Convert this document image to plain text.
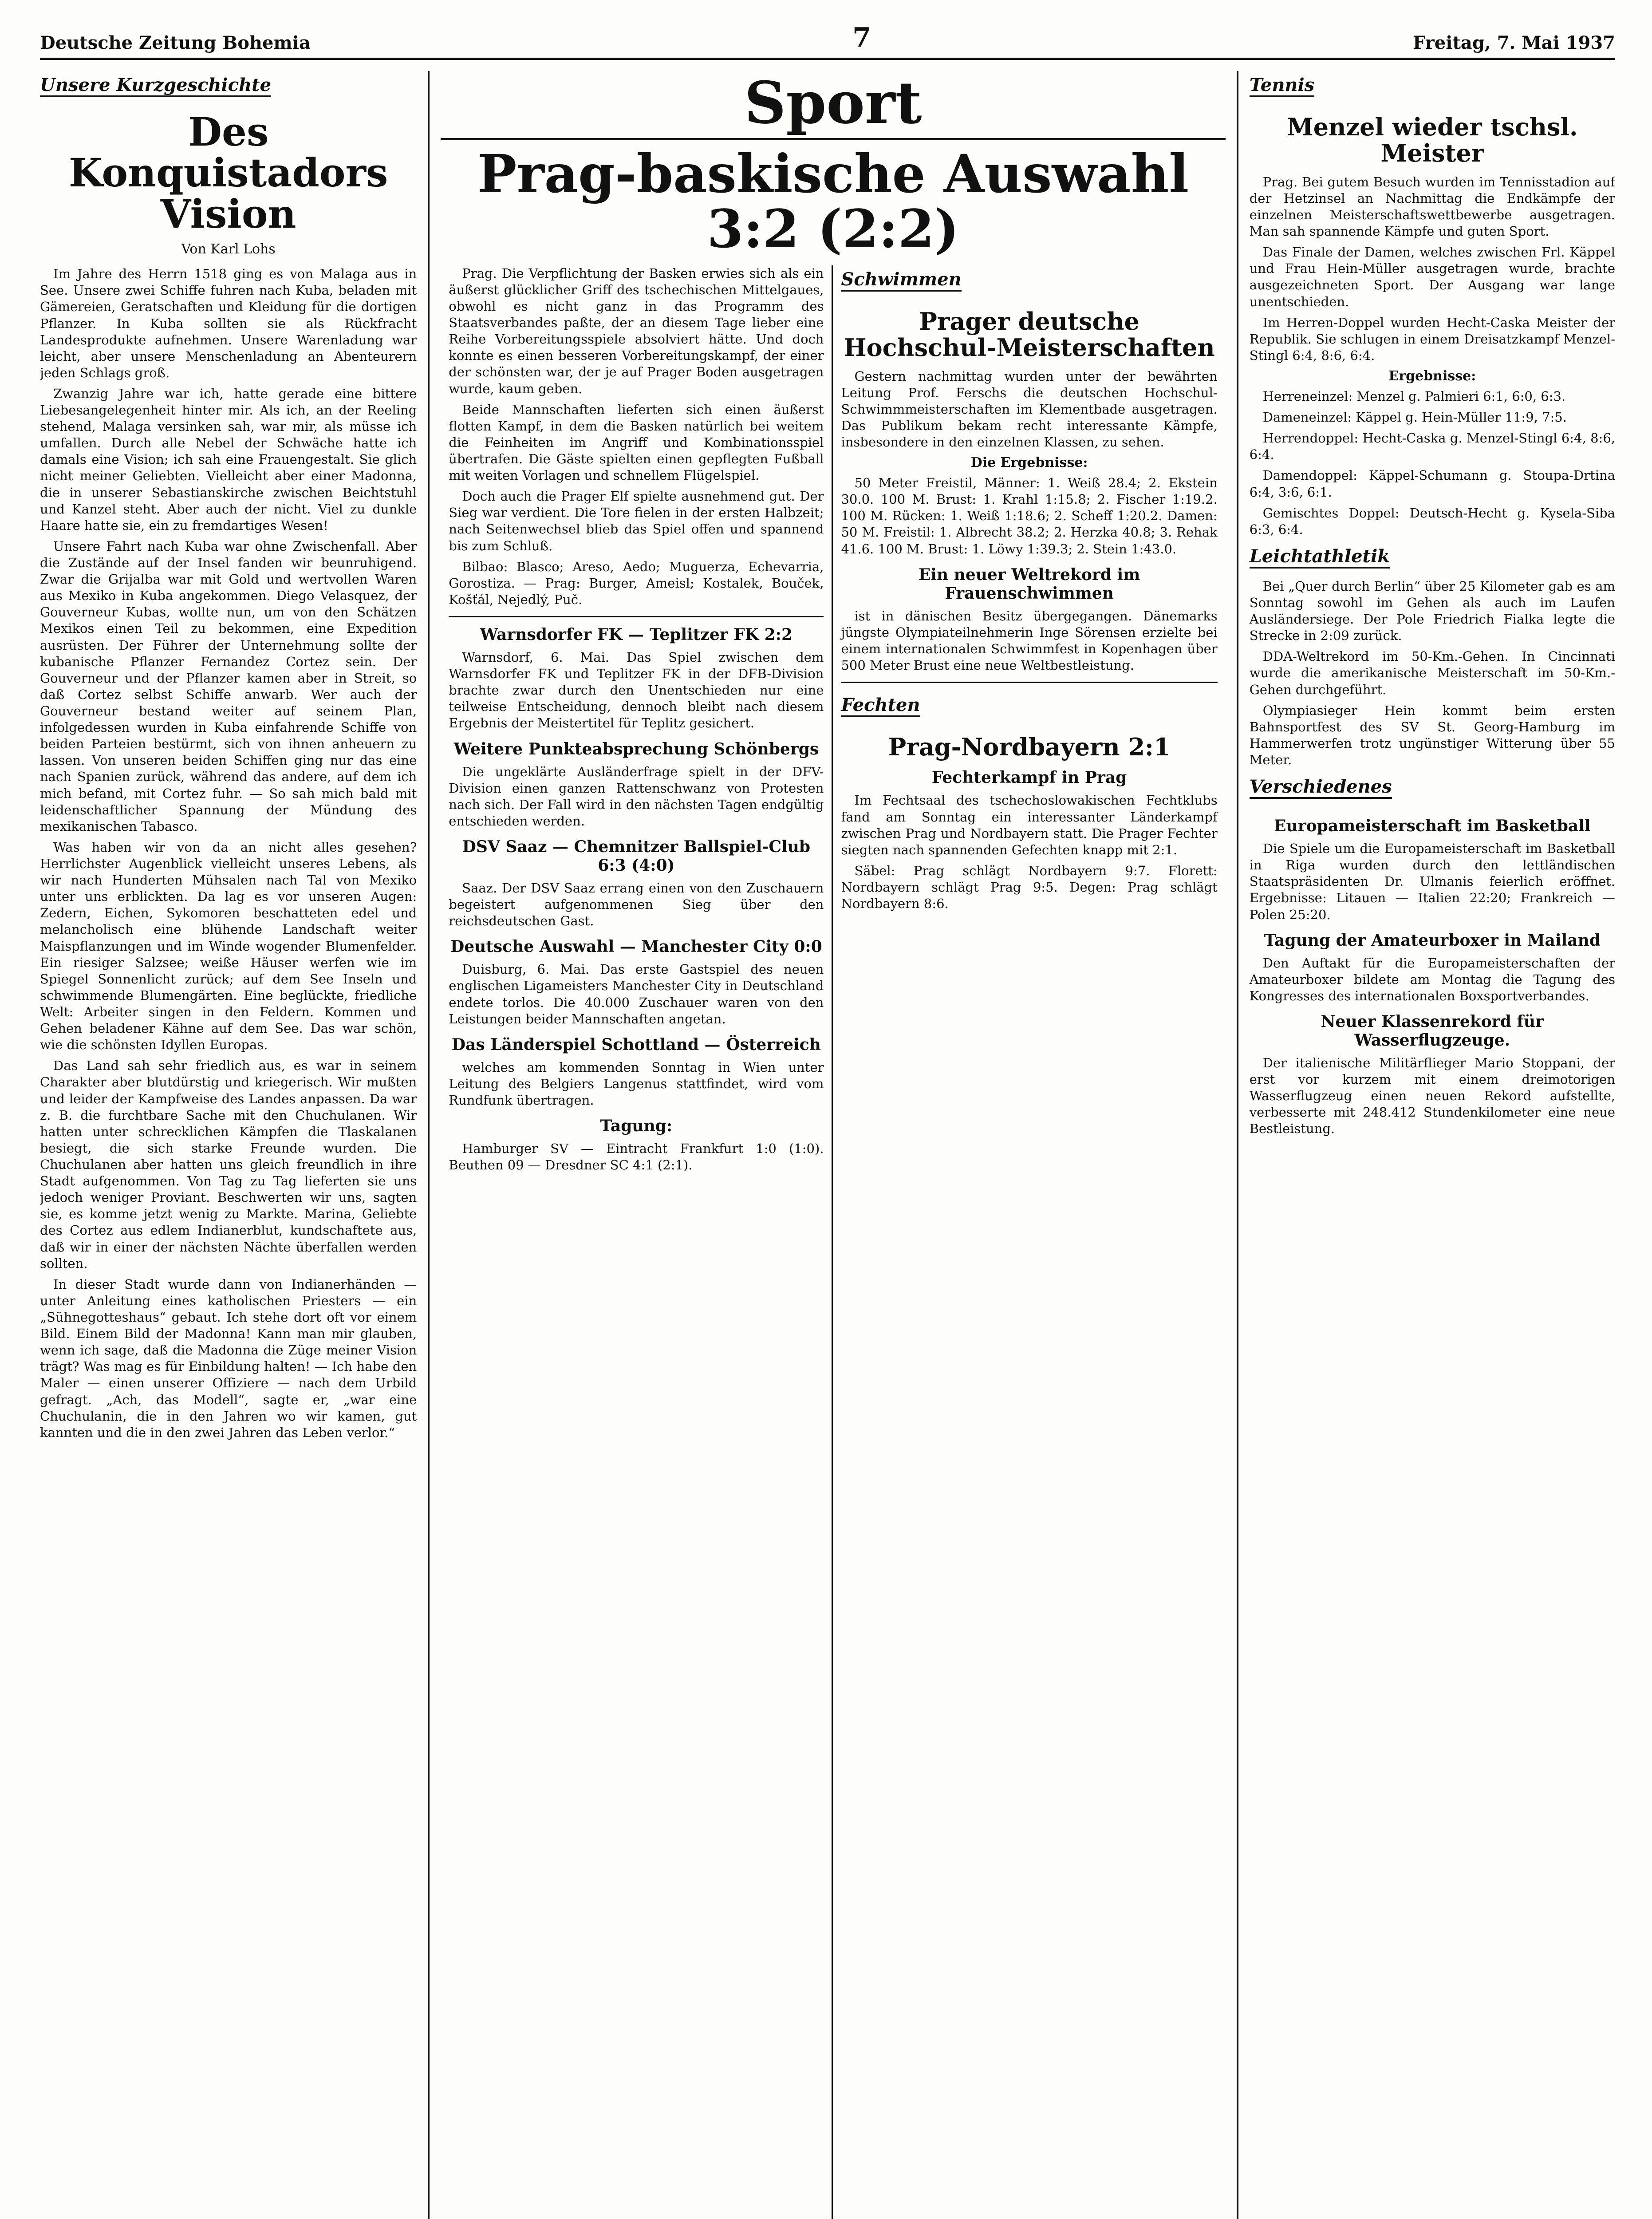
Deutsche Zeitung Bohemia	7	Freitag, 7. Mai 1937
Unsere Kurzgeschichte
Des Konquistadors Vision
Von Karl Lohs

Im Jahre des Herrn 1518 ging es von Malaga aus in See. Unsere zwei Schiffe fuhren nach Kuba, beladen mit Gämereien, Geratschaften und Kleidung für die dortigen Pflanzer. In Kuba sollten sie als Rückfracht Landesprodukte aufnehmen. Unsere Warenladung war leicht, aber unsere Menschenladung an Abenteurern jeden Schlags groß.

Zwanzig Jahre war ich, hatte gerade eine bittere Liebesangelegenheit hinter mir. Als ich, an der Reeling stehend, Malaga versinken sah, war mir, als müsse ich umfallen. Durch alle Nebel der Schwäche hatte ich damals eine Vision; ich sah eine Frauengestalt. Sie glich nicht meiner Geliebten. Vielleicht aber einer Madonna, die in unserer Sebastianskirche zwischen Beichtstuhl und Kanzel steht. Aber auch der nicht. Viel zu dunkle Haare hatte sie, ein zu fremdartiges Wesen!

Unsere Fahrt nach Kuba war ohne Zwischenfall. Aber die Zustände auf der Insel fanden wir beunruhigend. Zwar die Grijalba war mit Gold und wertvollen Waren aus Mexiko in Kuba angekommen. Diego Velasquez, der Gouverneur Kubas, wollte nun, um von den Schätzen Mexikos einen Teil zu bekommen, eine Expedition ausrüsten. Der Führer der Unternehmung sollte der kubanische Pflanzer Fernandez Cortez sein. Der Gouverneur und der Pflanzer kamen aber in Streit, so daß Cortez selbst Schiffe anwarb. Wer auch der Gouverneur bestand weiter auf seinem Plan, infolgedessen wurden in Kuba einfahrende Schiffe von beiden Parteien bestürmt, sich von ihnen anheuern zu lassen. Von unseren beiden Schiffen ging nur das eine nach Spanien zurück, während das andere, auf dem ich mich befand, mit Cortez fuhr. — So sah mich bald mit leidenschaftlicher Spannung der Mündung des mexikanischen Tabasco.

Was haben wir von da an nicht alles gesehen? Herrlichster Augenblick vielleicht unseres Lebens, als wir nach Hunderten Mühsalen nach Tal von Mexiko unter uns erblickten. Da lag es vor unseren Augen: Zedern, Eichen, Sykomoren beschatteten edel und melancholisch eine blühende Landschaft weiter Maispflanzungen und im Winde wogender Blumenfelder. Ein riesiger Salzsee; weiße Häuser werfen wie im Spiegel Sonnenlicht zurück; auf dem See Inseln und schwimmende Blumengärten. Eine beglückte, friedliche Welt: Arbeiter singen in den Feldern. Kommen und Gehen beladener Kähne auf dem See. Das war schön, wie die schönsten Idyllen Europas.

Das Land sah sehr friedlich aus, es war in seinem Charakter aber blutdürstig und kriegerisch. Wir mußten und leider der Kampfweise des Landes anpassen. Da war z. B. die furchtbare Sache mit den Chuchulanen. Wir hatten unter schrecklichen Kämpfen die Tlaskalanen besiegt, die sich starke Freunde wurden. Die Chuchulanen aber hatten uns gleich freundlich in ihre Stadt aufgenommen. Von Tag zu Tag lieferten sie uns jedoch weniger Proviant. Beschwerten wir uns, sagten sie, es komme jetzt wenig zu Markte. Marina, Geliebte des Cortez aus edlem Indianerblut, kundschaftete aus, daß wir in einer der nächsten Nächte überfallen werden sollten.

In dieser Stadt wurde dann von Indianerhänden — unter Anleitung eines katholischen Priesters — ein „Sühnegotteshaus“ gebaut. Ich stehe dort oft vor einem Bild. Einem Bild der Madonna! Kann man mir glauben, wenn ich sage, daß die Madonna die Züge meiner Vision trägt? Was mag es für Einbildung halten! — Ich habe den Maler — einen unserer Offiziere — nach dem Urbild gefragt. „Ach, das Modell“, sagte er, „war eine Chuchulanin, die in den Jahren wo wir kamen, gut kannten und die in den zwei Jahren das Leben verlor.“

Sport
Prag-baskische Auswahl 3:2 (2:2)

Prag. Die Verpflichtung der Basken erwies sich als ein äußerst glücklicher Griff des tschechischen Mittelgaues, obwohl es nicht ganz in das Programm des Staatsverbandes paßte, der an diesem Tage lieber eine Reihe Vorbereitungsspiele absolviert hätte. Und doch konnte es einen besseren Vorbereitungskampf, der einer der schönsten war, der je auf Prager Boden ausgetragen wurde, kaum geben.

Beide Mannschaften lieferten sich einen äußerst flotten Kampf, in dem die Basken natürlich bei weitem die Feinheiten im Angriff und Kombinationsspiel übertrafen. Die Gäste spielten einen gepflegten Fußball mit weiten Vorlagen und schnellem Flügelspiel.

Doch auch die Prager Elf spielte ausnehmend gut. Der Sieg war verdient. Die Tore fielen in der ersten Halbzeit; nach Seitenwechsel blieb das Spiel offen und spannend bis zum Schluß.

Bilbao: Blasco; Areso, Aedo; Muguerza, Echevarria, Gorostiza. — Prag: Burger, Ameisl; Kostalek, Bouček, Košťál, Nejedlý, Puč.

Warnsdorfer FK — Teplitzer FK 2:2

Warnsdorf, 6. Mai. Das Spiel zwischen dem Warnsdorfer FK und Teplitzer FK in der DFB-Division brachte zwar durch den Unentschieden nur eine teilweise Entscheidung, dennoch bleibt nach diesem Ergebnis der Meistertitel für Teplitz gesichert.

Weitere Punkteabsprechung Schönbergs

Die ungeklärte Ausländerfrage spielt in der DFV-Division einen ganzen Rattenschwanz von Protesten nach sich. Der Fall wird in den nächsten Tagen endgültig entschieden werden.

DSV Saaz — Chemnitzer Ballspiel-Club 6:3 (4:0)

Saaz. Der DSV Saaz errang einen von den Zuschauern begeistert aufgenommenen Sieg über den reichsdeutschen Gast.

Deutsche Auswahl — Manchester City 0:0

Duisburg, 6. Mai. Das erste Gastspiel des neuen englischen Ligameisters Manchester City in Deutschland endete torlos. Die 40.000 Zuschauer waren von den Leistungen beider Mannschaften angetan.

Das Länderspiel Schottland — Österreich

welches am kommenden Sonntag in Wien unter Leitung des Belgiers Langenus stattfindet, wird vom Rundfunk übertragen.

Tagung:

Hamburger SV — Eintracht Frankfurt 1:0 (1:0). Beuthen 09 — Dresdner SC 4:1 (2:1).

Schwimmen
Prager deutsche Hochschul-Meisterschaften

Gestern nachmittag wurden unter der bewährten Leitung Prof. Ferschs die deutschen Hochschul-Schwimmmeisterschaften im Klementbade ausgetragen. Das Publikum bekam recht interessante Kämpfe, insbesondere in den einzelnen Klassen, zu sehen.

Die Ergebnisse:

50 Meter Freistil, Männer: 1. Weiß 28.4; 2. Ekstein 30.0. 100 M. Brust: 1. Krahl 1:15.8; 2. Fischer 1:19.2. 100 M. Rücken: 1. Weiß 1:18.6; 2. Scheff 1:20.2. Damen: 50 M. Freistil: 1. Albrecht 38.2; 2. Herzka 40.8; 3. Rehak 41.6. 100 M. Brust: 1. Löwy 1:39.3; 2. Stein 1:43.0.

Ein neuer Weltrekord im Frauenschwimmen

ist in dänischen Besitz übergegangen. Dänemarks jüngste Olympiateilnehmerin Inge Sörensen erzielte bei einem internationalen Schwimmfest in Kopenhagen über 500 Meter Brust eine neue Weltbestleistung.

Fechten
Prag-Nordbayern 2:1
Fechterkampf in Prag

Im Fechtsaal des tschechoslowakischen Fechtklubs fand am Sonntag ein interessanter Länderkampf zwischen Prag und Nordbayern statt. Die Prager Fechter siegten nach spannenden Gefechten knapp mit 2:1.

Säbel: Prag schlägt Nordbayern 9:7. Florett: Nordbayern schlägt Prag 9:5. Degen: Prag schlägt Nordbayern 8:6.

Tennis
Menzel wieder tschsl. Meister

Prag. Bei gutem Besuch wurden im Tennisstadion auf der Hetzinsel an Nachmittag die Endkämpfe der einzelnen Meisterschaftswettbewerbe ausgetragen. Man sah spannende Kämpfe und guten Sport.

Das Finale der Damen, welches zwischen Frl. Käppel und Frau Hein-Müller ausgetragen wurde, brachte ausgezeichneten Sport. Der Ausgang war lange unentschieden.

Im Herren-Doppel wurden Hecht-Caska Meister der Republik. Sie schlugen in einem Dreisatzkampf Menzel-Stingl 6:4, 8:6, 6:4.

Ergebnisse:

Herreneinzel: Menzel g. Palmieri 6:1, 6:0, 6:3.

Dameneinzel: Käppel g. Hein-Müller 11:9, 7:5.

Herrendoppel: Hecht-Caska g. Menzel-Stingl 6:4, 8:6, 6:4.

Damendoppel: Käppel-Schumann g. Stoupa-Drtina 6:4, 3:6, 6:1.

Gemischtes Doppel: Deutsch-Hecht g. Kysela-Siba 6:3, 6:4.

Leichtathletik

Bei „Quer durch Berlin“ über 25 Kilometer gab es am Sonntag sowohl im Gehen als auch im Laufen Ausländersiege. Der Pole Friedrich Fialka legte die Strecke in 2:09 zurück.

DDA-Weltrekord im 50-Km.-Gehen. In Cincinnati wurde die amerikanische Meisterschaft im 50-Km.-Gehen durchgeführt.

Olympiasieger Hein kommt beim ersten Bahnsportfest des SV St. Georg-Hamburg im Hammerwerfen trotz ungünstiger Witterung über 55 Meter.

Verschiedenes
Europameisterschaft im Basketball

Die Spiele um die Europameisterschaft im Basketball in Riga wurden durch den lettländischen Staatspräsidenten Dr. Ulmanis feierlich eröffnet. Ergebnisse: Litauen — Italien 22:20; Frankreich — Polen 25:20.

Tagung der Amateurboxer in Mailand

Den Auftakt für die Europameisterschaften der Amateurboxer bildete am Montag die Tagung des Kongresses des internationalen Boxsportverbandes.

Neuer Klassenrekord für Wasserflugzeuge.

Der italienische Militärflieger Mario Stoppani, der erst vor kurzem mit einem dreimotorigen Wasserflugzeug einen neuen Rekord aufstellte, verbesserte mit 248.412 Stundenkilometer eine neue Bestleistung.
